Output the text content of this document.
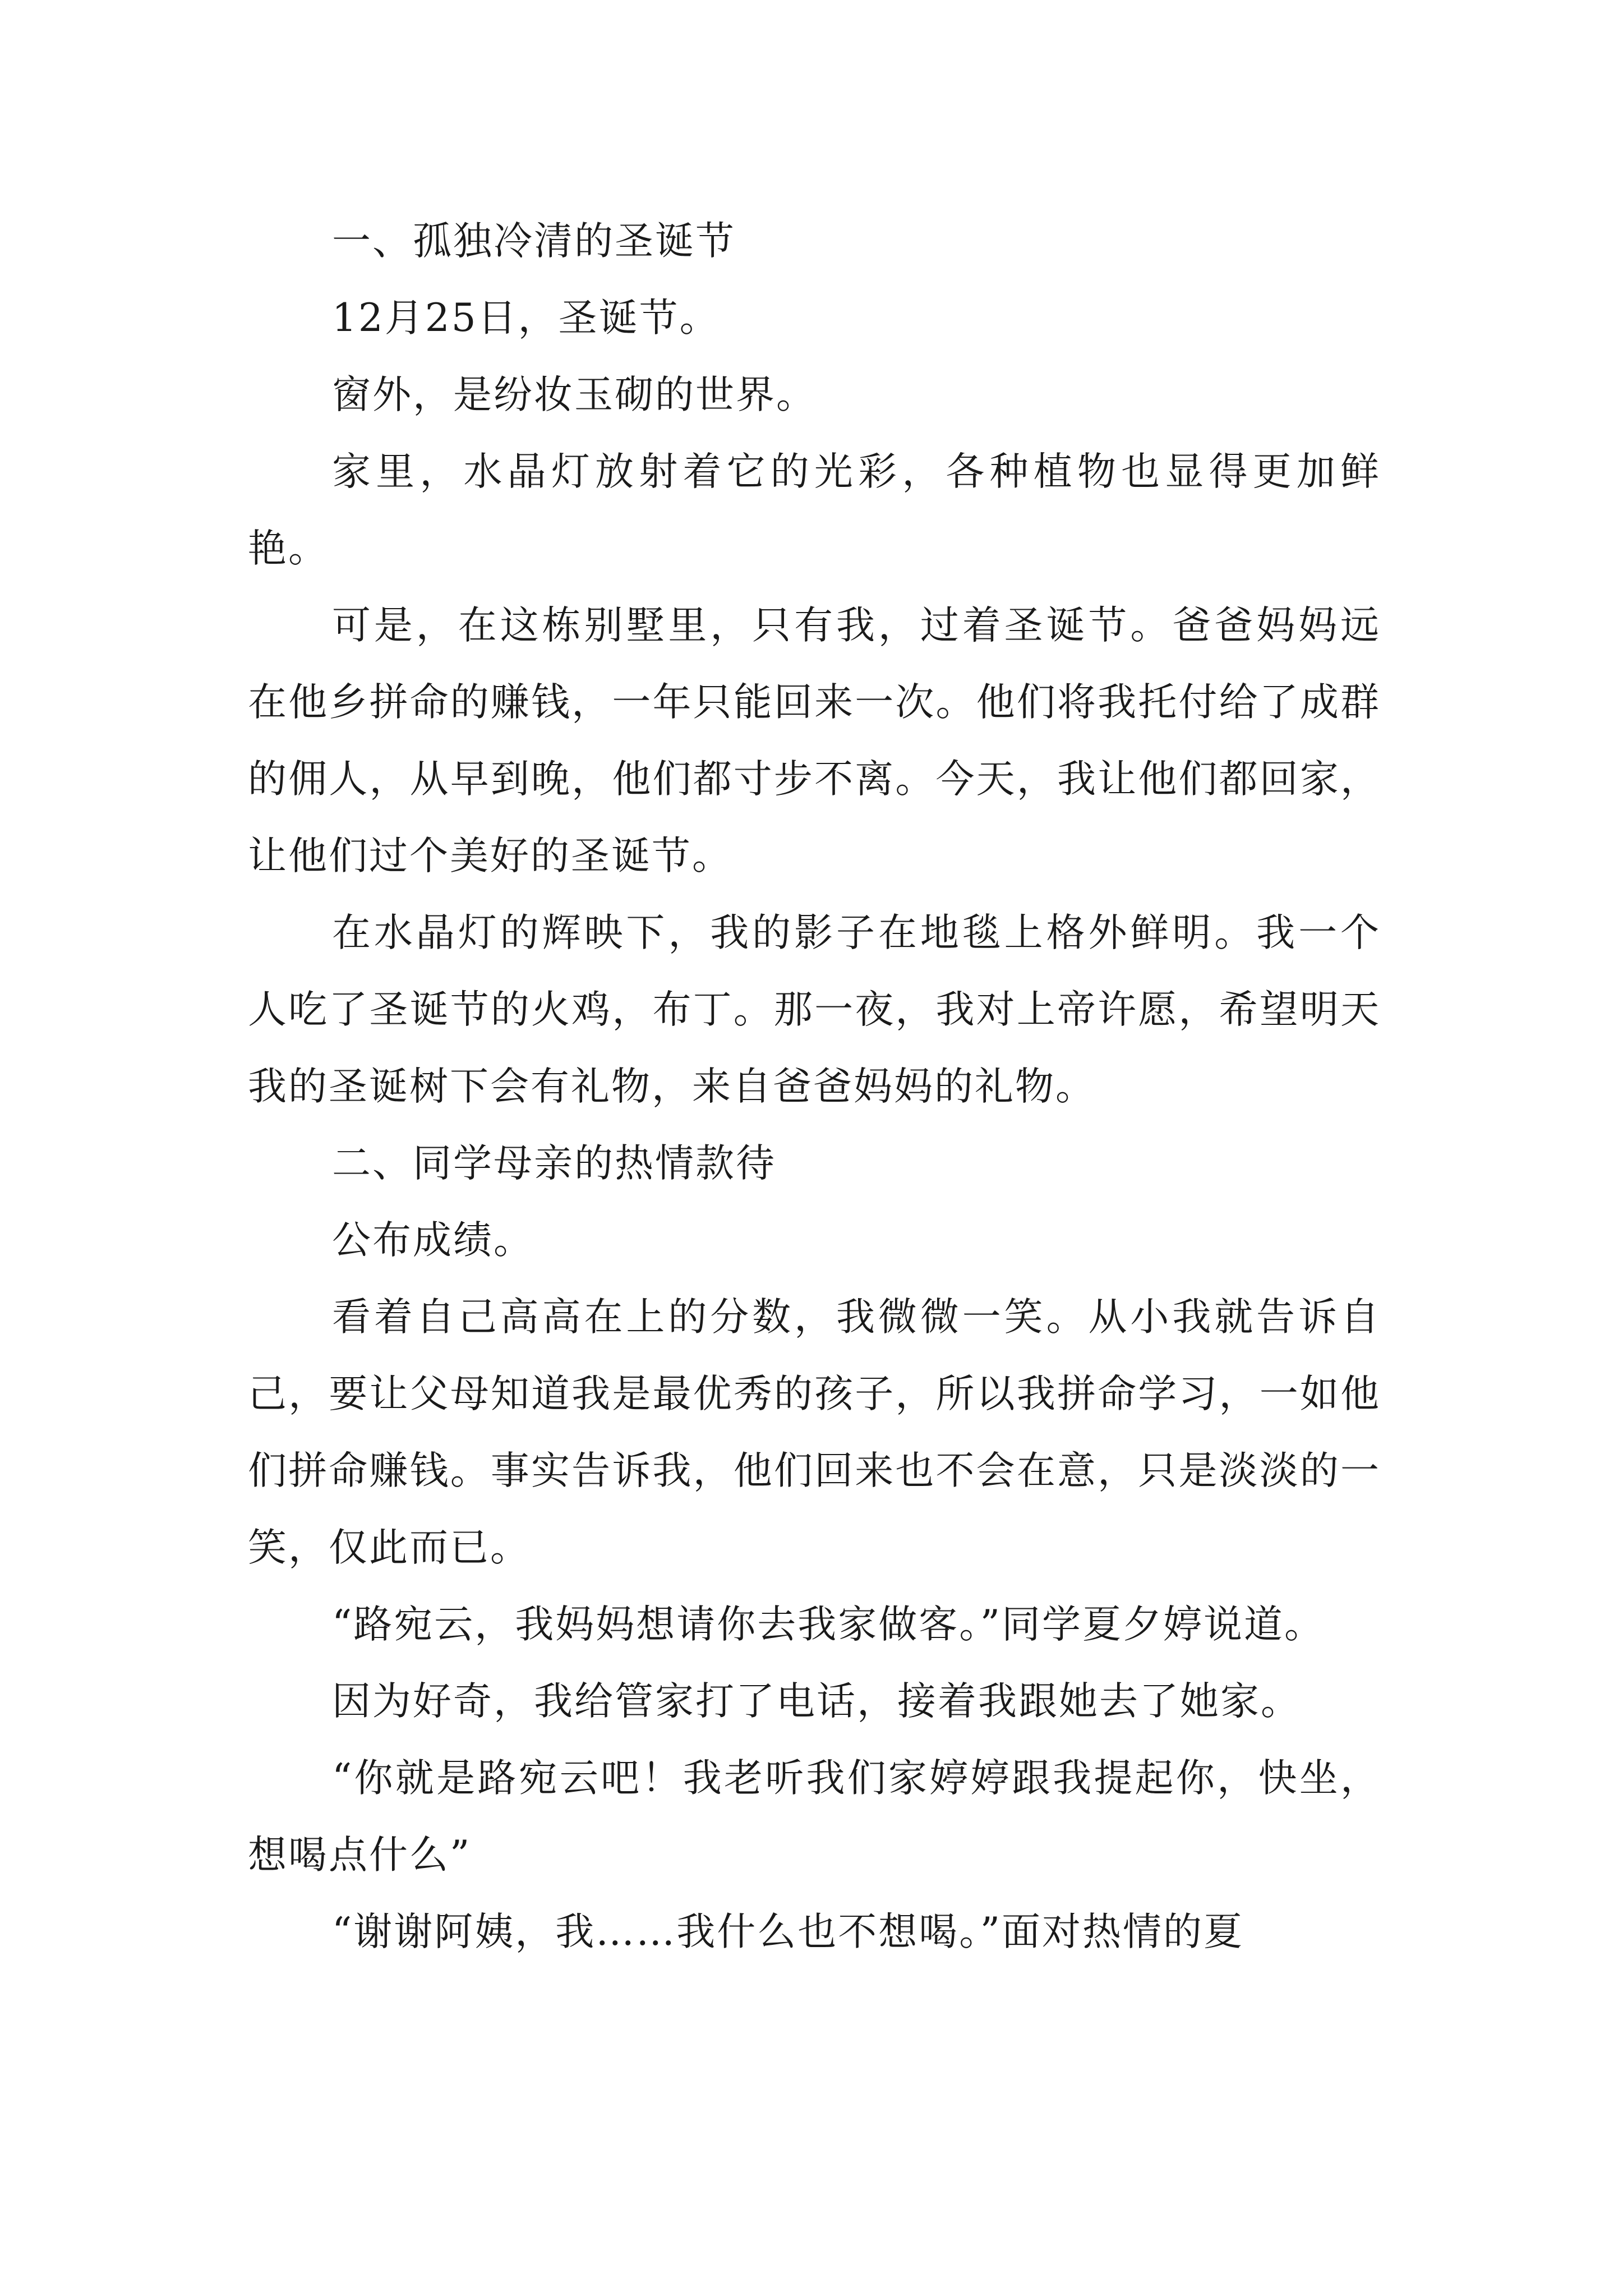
一、孤独冷清的圣诞节

12月25日，圣诞节。

窗外，是纷妆玉砌的世界。

家里，水晶灯放射着它的光彩，各种植物也显得更加鲜艳。

可是，在这栋别墅里，只有我，过着圣诞节。爸爸妈妈远在他乡拼命的赚钱，一年只能回来一次。他们将我托付给了成群的佣人，从早到晚，他们都寸步不离。今天，我让他们都回家，让他们过个美好的圣诞节。

在水晶灯的辉映下，我的影子在地毯上格外鲜明。我一个人吃了圣诞节的火鸡，布丁。那一夜，我对上帝许愿，希望明天我的圣诞树下会有礼物，来自爸爸妈妈的礼物。

二、同学母亲的热情款待

公布成绩。

看着自己高高在上的分数，我微微一笑。从小我就告诉自己，要让父母知道我是最优秀的孩子，所以我拼命学习，一如他们拼命赚钱。事实告诉我，他们回来也不会在意，只是淡淡的一笑，仅此而已。

“路宛云，我妈妈想请你去我家做客。”同学夏夕婷说道。

因为好奇，我给管家打了电话，接着我跟她去了她家。

“你就是路宛云吧！我老听我们家婷婷跟我提起你，快坐，想喝点什么”

“谢谢阿姨，我……我什么也不想喝。”面对热情的夏
